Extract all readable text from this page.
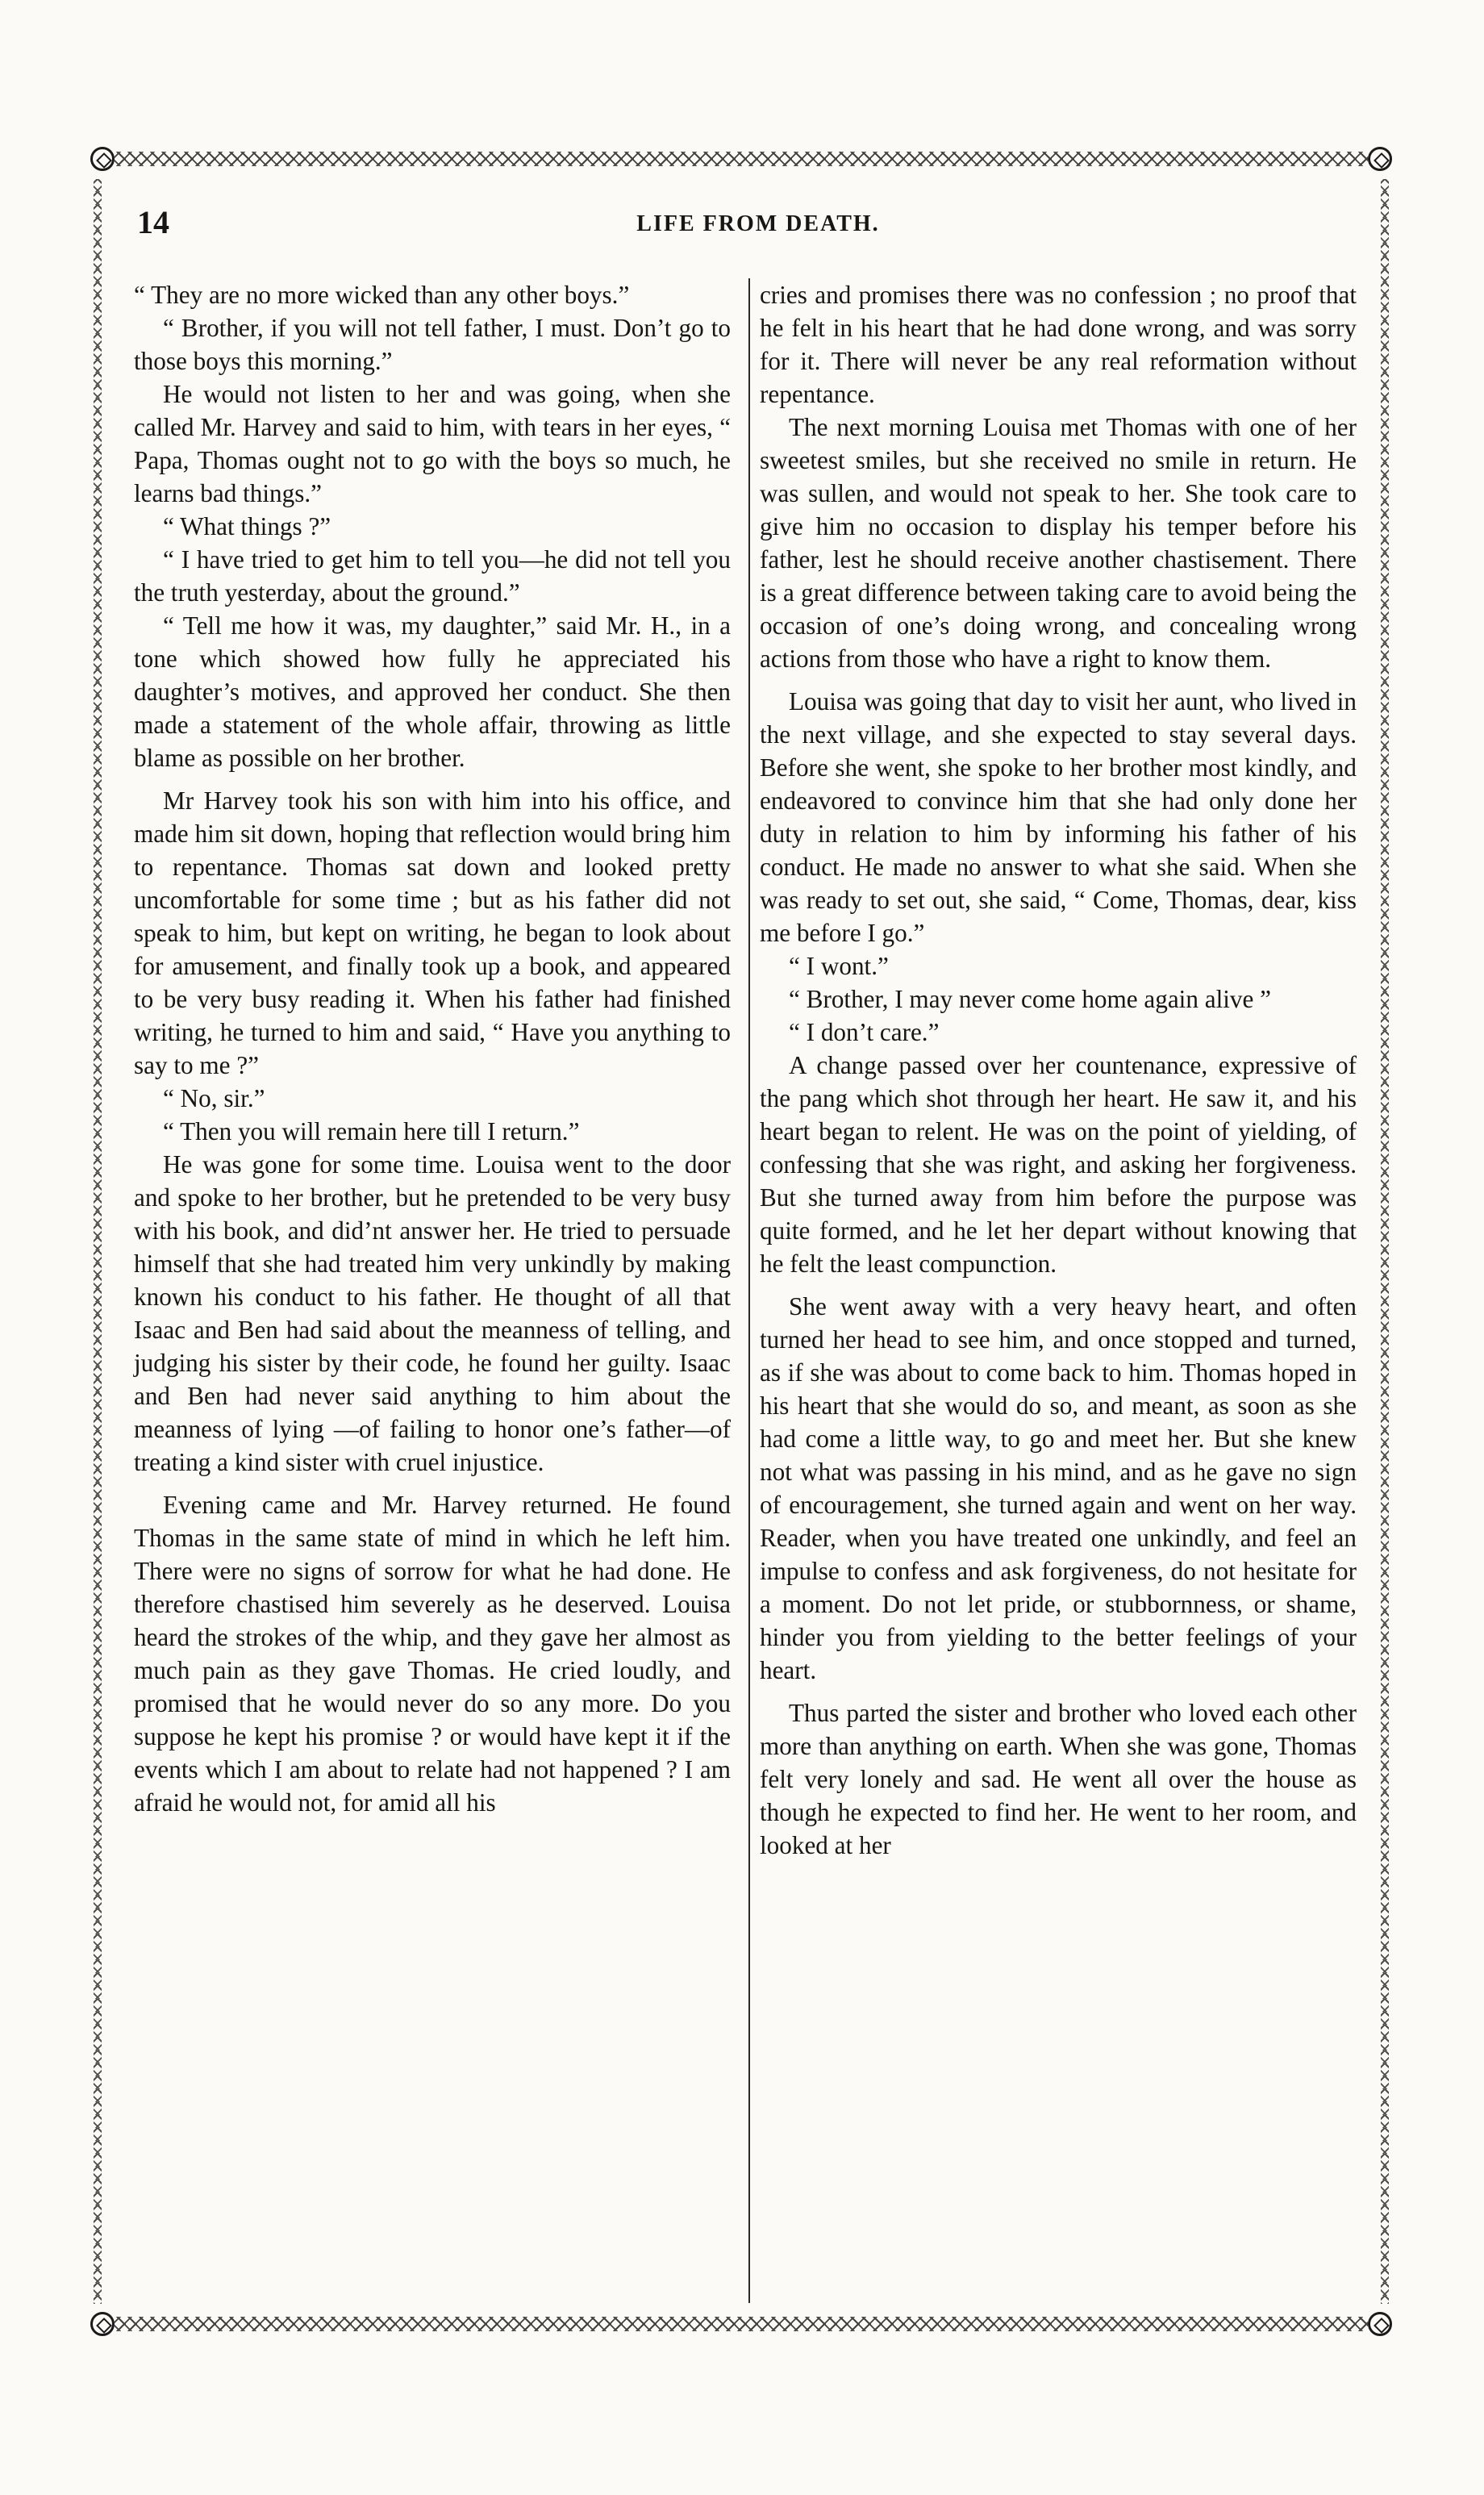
14	LIFE FROM DEATH.

“ They are no more wicked than any other boys.”

“ Brother, if you will not tell father, I must. Don’t go to those boys this morning.”

He would not listen to her and was going, when she called Mr. Harvey and said to him, with tears in her eyes, “ Papa, Thomas ought not to go with the boys so much, he learns bad things.”

“ What things ?”

“ I have tried to get him to tell you—he did not tell you the truth yesterday, about the ground.”

“ Tell me how it was, my daughter,” said Mr. H., in a tone which showed how fully he appreciated his daughter’s motives, and approved her conduct. She then made a statement of the whole affair, throwing as little blame as possible on her brother.

Mr Harvey took his son with him into his office, and made him sit down, hoping that reflection would bring him to repentance. Thomas sat down and looked pretty uncomfortable for some time ; but as his father did not speak to him, but kept on writing, he began to look about for amusement, and finally took up a book, and appeared to be very busy reading it. When his father had finished writing, he turned to him and said, “ Have you anything to say to me ?”

“ No, sir.”

“ Then you will remain here till I return.”

He was gone for some time. Louisa went to the door and spoke to her brother, but he pretended to be very busy with his book, and did’nt answer her. He tried to persuade himself that she had treated him very unkindly by making known his conduct to his father. He thought of all that Isaac and Ben had said about the meanness of telling, and judging his sister by their code, he found her guilty. Isaac and Ben had never said anything to him about the meanness of lying —of failing to honor one’s father—of treating a kind sister with cruel injustice.

Evening came and Mr. Harvey returned. He found Thomas in the same state of mind in which he left him. There were no signs of sorrow for what he had done. He therefore chastised him severely as he deserved. Louisa heard the strokes of the whip, and they gave her almost as much pain as they gave Thomas. He cried loudly, and promised that he would never do so any more. Do you suppose he kept his promise ? or would have kept it if the events which I am about to relate had not happened ? I am afraid he would not, for amid all his

cries and promises there was no confession ; no proof that he felt in his heart that he had done wrong, and was sorry for it. There will never be any real reformation without repentance.

The next morning Louisa met Thomas with one of her sweetest smiles, but she received no smile in return. He was sullen, and would not speak to her. She took care to give him no occasion to display his temper before his father, lest he should receive another chastisement. There is a great difference between taking care to avoid being the occasion of one’s doing wrong, and concealing wrong actions from those who have a right to know them.

Louisa was going that day to visit her aunt, who lived in the next village, and she expected to stay several days. Before she went, she spoke to her brother most kindly, and endeavored to convince him that she had only done her duty in relation to him by informing his father of his conduct. He made no answer to what she said. When she was ready to set out, she said, “ Come, Thomas, dear, kiss me before I go.”

“ I wont.”

“ Brother, I may never come home again alive ”

“ I don’t care.”

A change passed over her countenance, expressive of the pang which shot through her heart. He saw it, and his heart began to relent. He was on the point of yielding, of confessing that she was right, and asking her forgiveness. But she turned away from him before the purpose was quite formed, and he let her depart without knowing that he felt the least compunction.

She went away with a very heavy heart, and often turned her head to see him, and once stopped and turned, as if she was about to come back to him. Thomas hoped in his heart that she would do so, and meant, as soon as she had come a little way, to go and meet her. But she knew not what was passing in his mind, and as he gave no sign of encouragement, she turned again and went on her way. Reader, when you have treated one unkindly, and feel an impulse to confess and ask forgiveness, do not hesitate for a moment. Do not let pride, or stubbornness, or shame, hinder you from yielding to the better feelings of your heart.

Thus parted the sister and brother who loved each other more than anything on earth. When she was gone, Thomas felt very lonely and sad. He went all over the house as though he expected to find her. He went to her room, and looked at her
